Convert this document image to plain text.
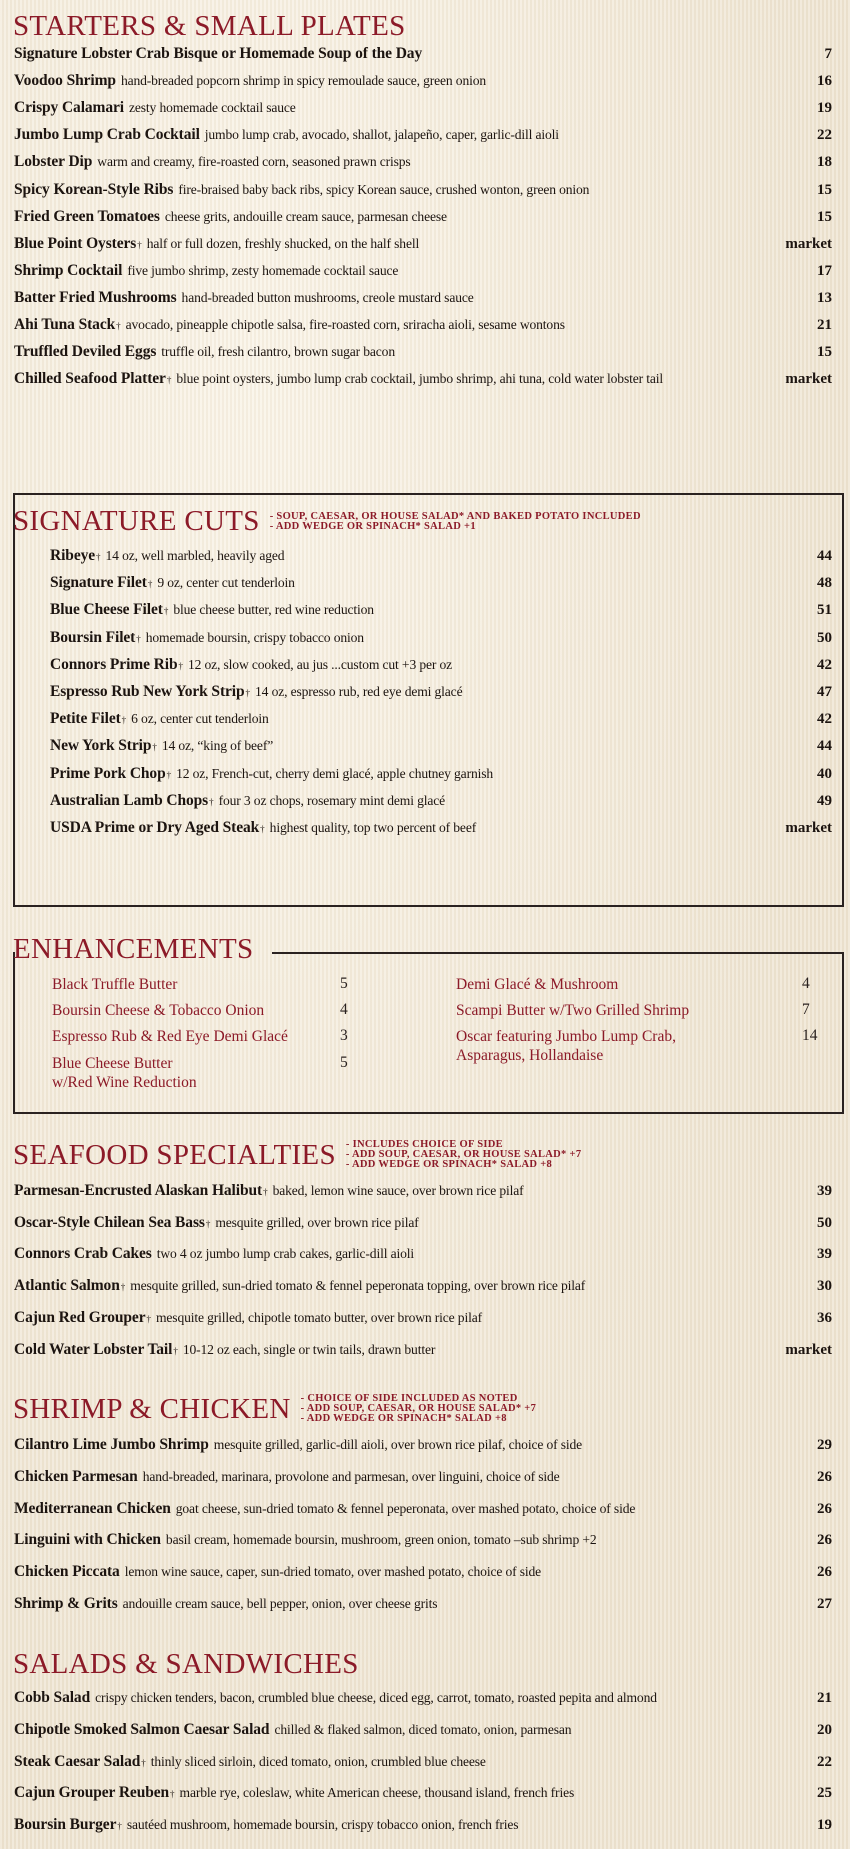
STARTERS & SMALL PLATES
Signature Lobster Crab Bisque or Homemade Soup of the Day	7
Voodoo Shrimp hand-breaded popcorn shrimp in spicy remoulade sauce, green onion	16
Crispy Calamari zesty homemade cocktail sauce	19
Jumbo Lump Crab Cocktail jumbo lump crab, avocado, shallot, jalapeño, caper, garlic-dill aioli	22
Lobster Dip warm and creamy, fire-roasted corn, seasoned prawn crisps	18
Spicy Korean-Style Ribs fire-braised baby back ribs, spicy Korean sauce, crushed wonton, green onion	15
Fried Green Tomatoes cheese grits, andouille cream sauce, parmesan cheese	15
Blue Point Oysters † half or full dozen, freshly shucked, on the half shell	market
Shrimp Cocktail five jumbo shrimp, zesty homemade cocktail sauce	17
Batter Fried Mushrooms hand-breaded button mushrooms, creole mustard sauce	13
Ahi Tuna Stack † avocado, pineapple chipotle salsa, fire-roasted corn, sriracha aioli, sesame wontons	21
Truffled Deviled Eggs truffle oil, fresh cilantro, brown sugar bacon	15
Chilled Seafood Platter † blue point oysters, jumbo lump crab cocktail, jumbo shrimp, ahi tuna, cold water lobster tail	market
SIGNATURE CUTS - SOUP, CAESAR, OR HOUSE SALAD* AND BAKED POTATO INCLUDED
- ADD WEDGE OR SPINACH* SALAD +1
Ribeye † 14 oz, well marbled, heavily aged	44
Signature Filet † 9 oz, center cut tenderloin	48
Blue Cheese Filet † blue cheese butter, red wine reduction	51
Boursin Filet † homemade boursin, crispy tobacco onion	50
Connors Prime Rib † 12 oz, slow cooked, au jus ...custom cut +3 per oz	42
Espresso Rub New York Strip † 14 oz, espresso rub, red eye demi glacé	47
Petite Filet † 6 oz, center cut tenderloin	42
New York Strip † 14 oz, “king of beef”	44
Prime Pork Chop † 12 oz, French-cut, cherry demi glacé, apple chutney garnish	40
Australian Lamb Chops † four 3 oz chops, rosemary mint demi glacé	49
USDA Prime or Dry Aged Steak † highest quality, top two percent of beef	market
ENHANCEMENTS
Black Truffle Butter	5
Boursin Cheese & Tobacco Onion	4
Espresso Rub & Red Eye Demi Glacé	3
Blue Cheese Butter
w/Red Wine Reduction
5
Demi Glacé & Mushroom	4
Scampi Butter w/Two Grilled Shrimp	7
Oscar featuring Jumbo Lump Crab,
Asparagus, Hollandaise
14
SEAFOOD SPECIALTIES - INCLUDES CHOICE OF SIDE
- ADD SOUP, CAESAR, OR HOUSE SALAD* +7
- ADD WEDGE OR SPINACH* SALAD +8
Parmesan-Encrusted Alaskan Halibut † baked, lemon wine sauce, over brown rice pilaf	39
Oscar-Style Chilean Sea Bass † mesquite grilled, over brown rice pilaf	50
Connors Crab Cakes two 4 oz jumbo lump crab cakes, garlic-dill aioli	39
Atlantic Salmon † mesquite grilled, sun-dried tomato & fennel peperonata topping, over brown rice pilaf	30
Cajun Red Grouper † mesquite grilled, chipotle tomato butter, over brown rice pilaf	36
Cold Water Lobster Tail † 10-12 oz each, single or twin tails, drawn butter	market
SHRIMP & CHICKEN - CHOICE OF SIDE INCLUDED AS NOTED
- ADD SOUP, CAESAR, OR HOUSE SALAD* +7
- ADD WEDGE OR SPINACH* SALAD +8
Cilantro Lime Jumbo Shrimp mesquite grilled, garlic-dill aioli, over brown rice pilaf, choice of side	29
Chicken Parmesan hand-breaded, marinara, provolone and parmesan, over linguini, choice of side	26
Mediterranean Chicken goat cheese, sun-dried tomato & fennel peperonata, over mashed potato, choice of side	26
Linguini with Chicken basil cream, homemade boursin, mushroom, green onion, tomato –sub shrimp +2	26
Chicken Piccata lemon wine sauce, caper, sun-dried tomato, over mashed potato, choice of side	26
Shrimp & Grits andouille cream sauce, bell pepper, onion, over cheese grits	27
SALADS & SANDWICHES
Cobb Salad crispy chicken tenders, bacon, crumbled blue cheese, diced egg, carrot, tomato, roasted pepita and almond	21
Chipotle Smoked Salmon Caesar Salad chilled & flaked salmon, diced tomato, onion, parmesan	20
Steak Caesar Salad † thinly sliced sirloin, diced tomato, onion, crumbled blue cheese	22
Cajun Grouper Reuben † marble rye, coleslaw, white American cheese, thousand island, french fries	25
Boursin Burger † sautéed mushroom, homemade boursin, crispy tobacco onion, french fries	19
